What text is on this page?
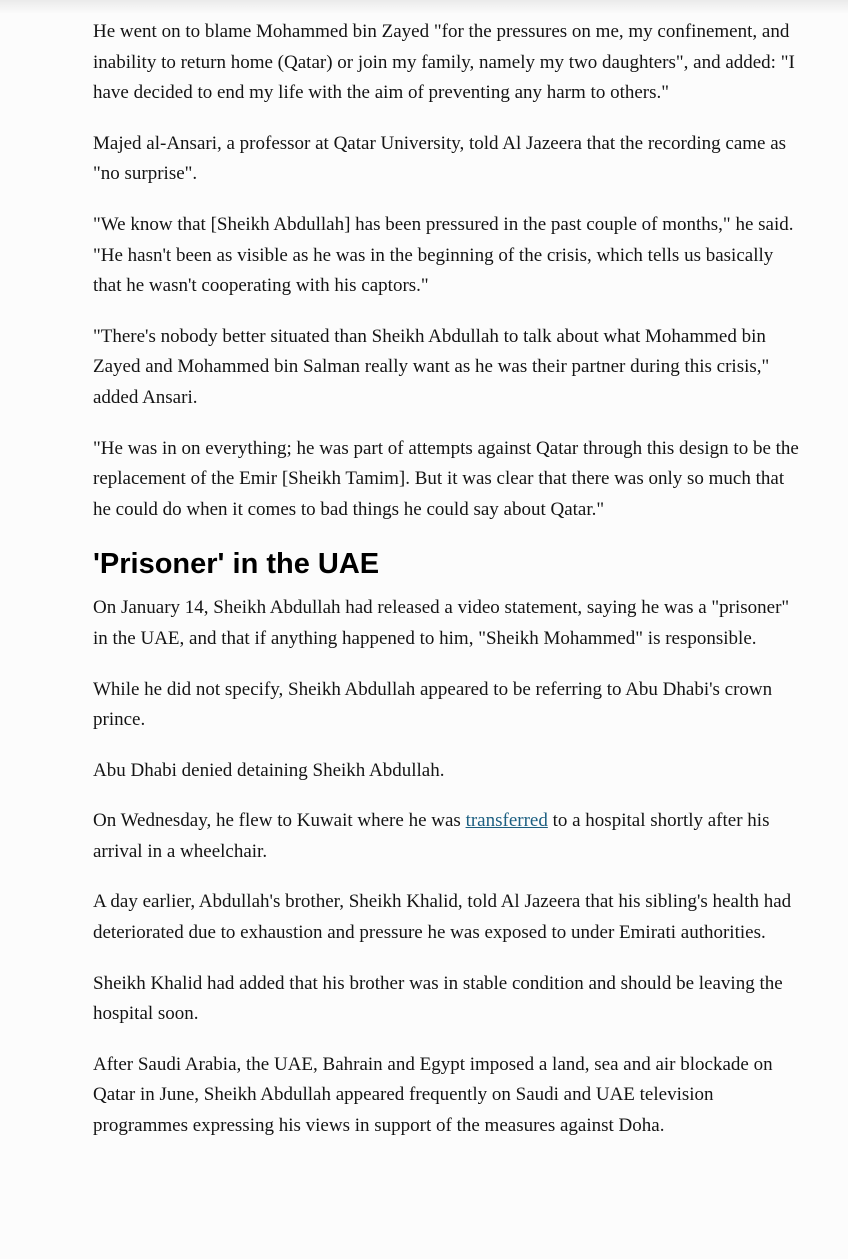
He went on to blame Mohammed bin Zayed "for the pressures on me, my confinement, and inability to return home (Qatar) or join my family, namely my two daughters", and added: "I have decided to end my life with the aim of preventing any harm to others."

Majed al-Ansari, a professor at Qatar University, told Al Jazeera that the recording came as "no surprise".

"We know that [Sheikh Abdullah] has been pressured in the past couple of months," he said. "He hasn't been as visible as he was in the beginning of the crisis, which tells us basically that he wasn't cooperating with his captors."

"There's nobody better situated than Sheikh Abdullah to talk about what Mohammed bin Zayed and Mohammed bin Salman really want as he was their partner during this crisis," added Ansari.

"He was in on everything; he was part of attempts against Qatar through this design to be the replacement of the Emir [Sheikh Tamim]. But it was clear that there was only so much that he could do when it comes to bad things he could say about Qatar."

'Prisoner' in the UAE

On January 14, Sheikh Abdullah had released a video statement, saying he was a "prisoner" in the UAE, and that if anything happened to him, "Sheikh Mohammed" is responsible.

While he did not specify, Sheikh Abdullah appeared to be referring to Abu Dhabi's crown prince.

Abu Dhabi denied detaining Sheikh Abdullah.

On Wednesday, he flew to Kuwait where he was transferred to a hospital shortly after his arrival in a wheelchair.

A day earlier, Abdullah's brother, Sheikh Khalid, told Al Jazeera that his sibling's health had deteriorated due to exhaustion and pressure he was exposed to under Emirati authorities.

Sheikh Khalid had added that his brother was in stable condition and should be leaving the hospital soon.

After Saudi Arabia, the UAE, Bahrain and Egypt imposed a land, sea and air blockade on Qatar in June, Sheikh Abdullah appeared frequently on Saudi and UAE television programmes expressing his views in support of the measures against Doha.
